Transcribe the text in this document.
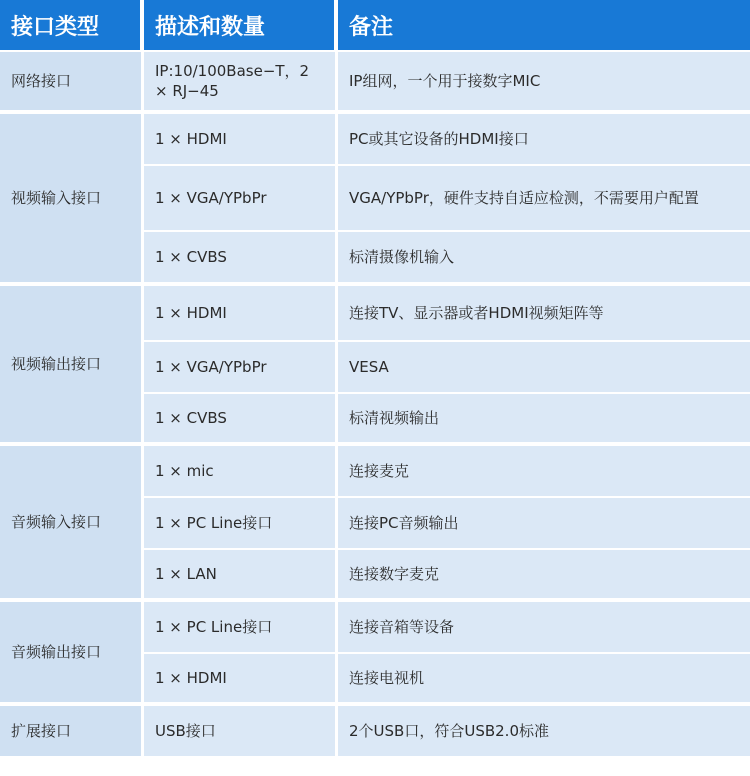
接口类型	描述和数量	备注
网络接口	IP:10/100Base−T，2 × RJ−45	IP组网，一个用于接数字MIC
视频输入接口	1 × HDMI	PC或其它设备的HDMI接口
	1 × VGA/YPbPr	VGA/YPbPr，硬件支持自适应检测，不需要用户配置
	1 × CVBS	标清摄像机输入
视频输出接口	1 × HDMI	连接TV、显示器或者HDMI视频矩阵等
	1 × VGA/YPbPr	VESA
	1 × CVBS	标清视频输出
音频输入接口	1 × mic	连接麦克
	1 × PC Line接口	连接PC音频输出
	1 × LAN	连接数字麦克
音频输出接口	1 × PC Line接口	连接音箱等设备
	1 × HDMI	连接电视机
扩展接口	USB接口	2个USB口，符合USB2.0标准
